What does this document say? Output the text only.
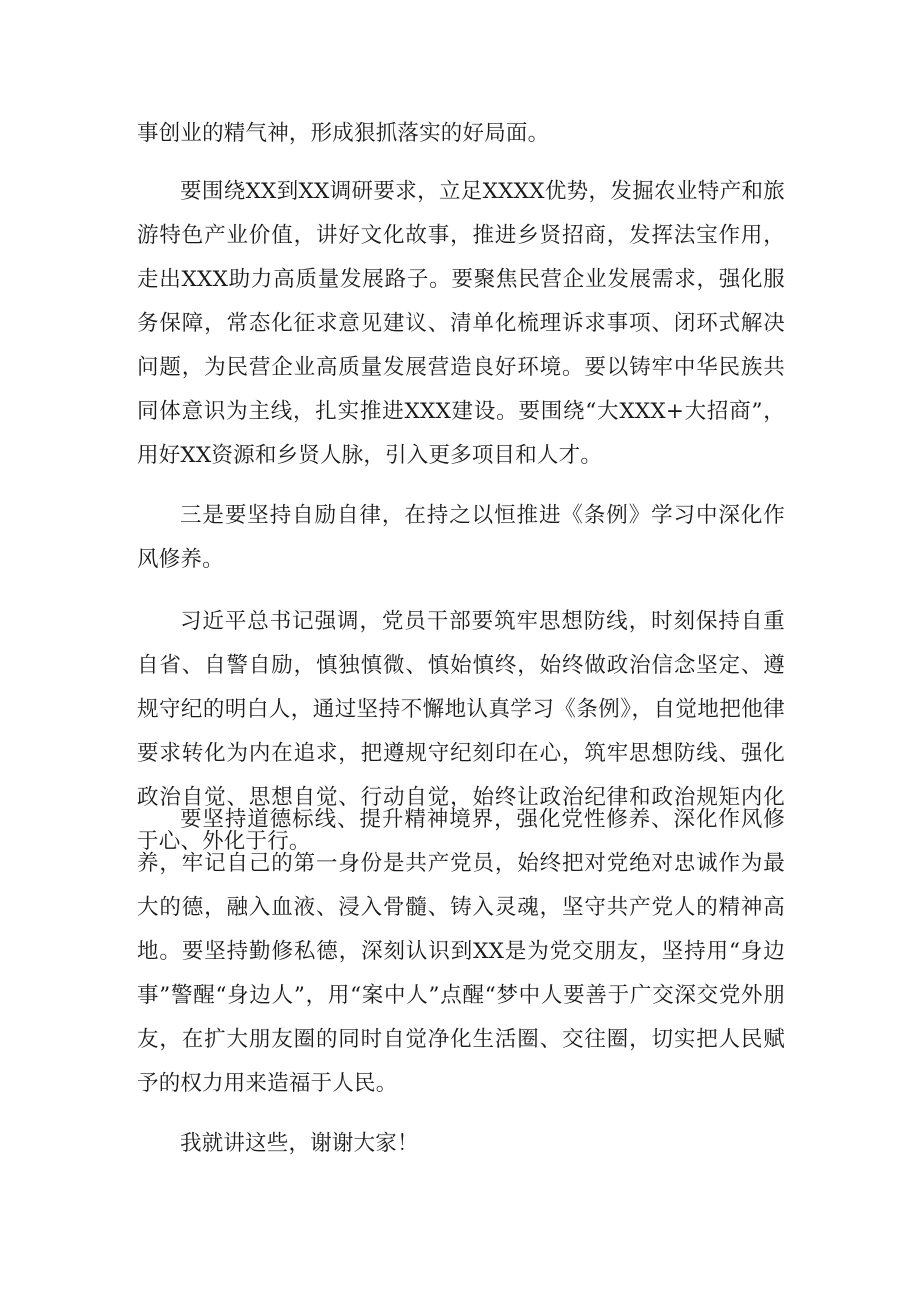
事创业的精气神，形成狠抓落实的好局面。

要围绕XX到XX调研要求，立足XXXX优势，发掘农业特产和旅游特色产业价值，讲好文化故事，推进乡贤招商，发挥法宝作用，走出XXX助力高质量发展路子。要聚焦民营企业发展需求，强化服务保障，常态化征求意见建议、清单化梳理诉求事项、闭环式解决问题，为民营企业高质量发展营造良好环境。要以铸牢中华民族共同体意识为主线，扎实推进XXX建设。要围绕“大XXX+大招商”，用好XX资源和乡贤人脉，引入更多项目和人才。

三是要坚持自励自律，在持之以恒推进《条例》学习中深化作风修养。

习近平总书记强调，党员干部要筑牢思想防线，时刻保持自重自省、自警自励，慎独慎微、慎始慎终，始终做政治信念坚定、遵规守纪的明白人，通过坚持不懈地认真学习《条例》，自觉地把他律要求转化为内在追求，把遵规守纪刻印在心，筑牢思想防线、强化政治自觉、思想自觉、行动自觉，始终让政治纪律和政治规矩内化于心、外化于行。

要坚持道德标线、提升精神境界，强化党性修养、深化作风修养，牢记自己的第一身份是共产党员，始终把对党绝对忠诚作为最大的德，融入血液、浸入骨髓、铸入灵魂，坚守共产党人的精神高地。要坚持勤修私德，深刻认识到XX是为党交朋友，坚持用“身边事”警醒“身边人”，用“案中人”点醒“梦中人要善于广交深交党外朋友，在扩大朋友圈的同时自觉净化生活圈、交往圈，切实把人民赋予的权力用来造福于人民。

我就讲这些，谢谢大家！
